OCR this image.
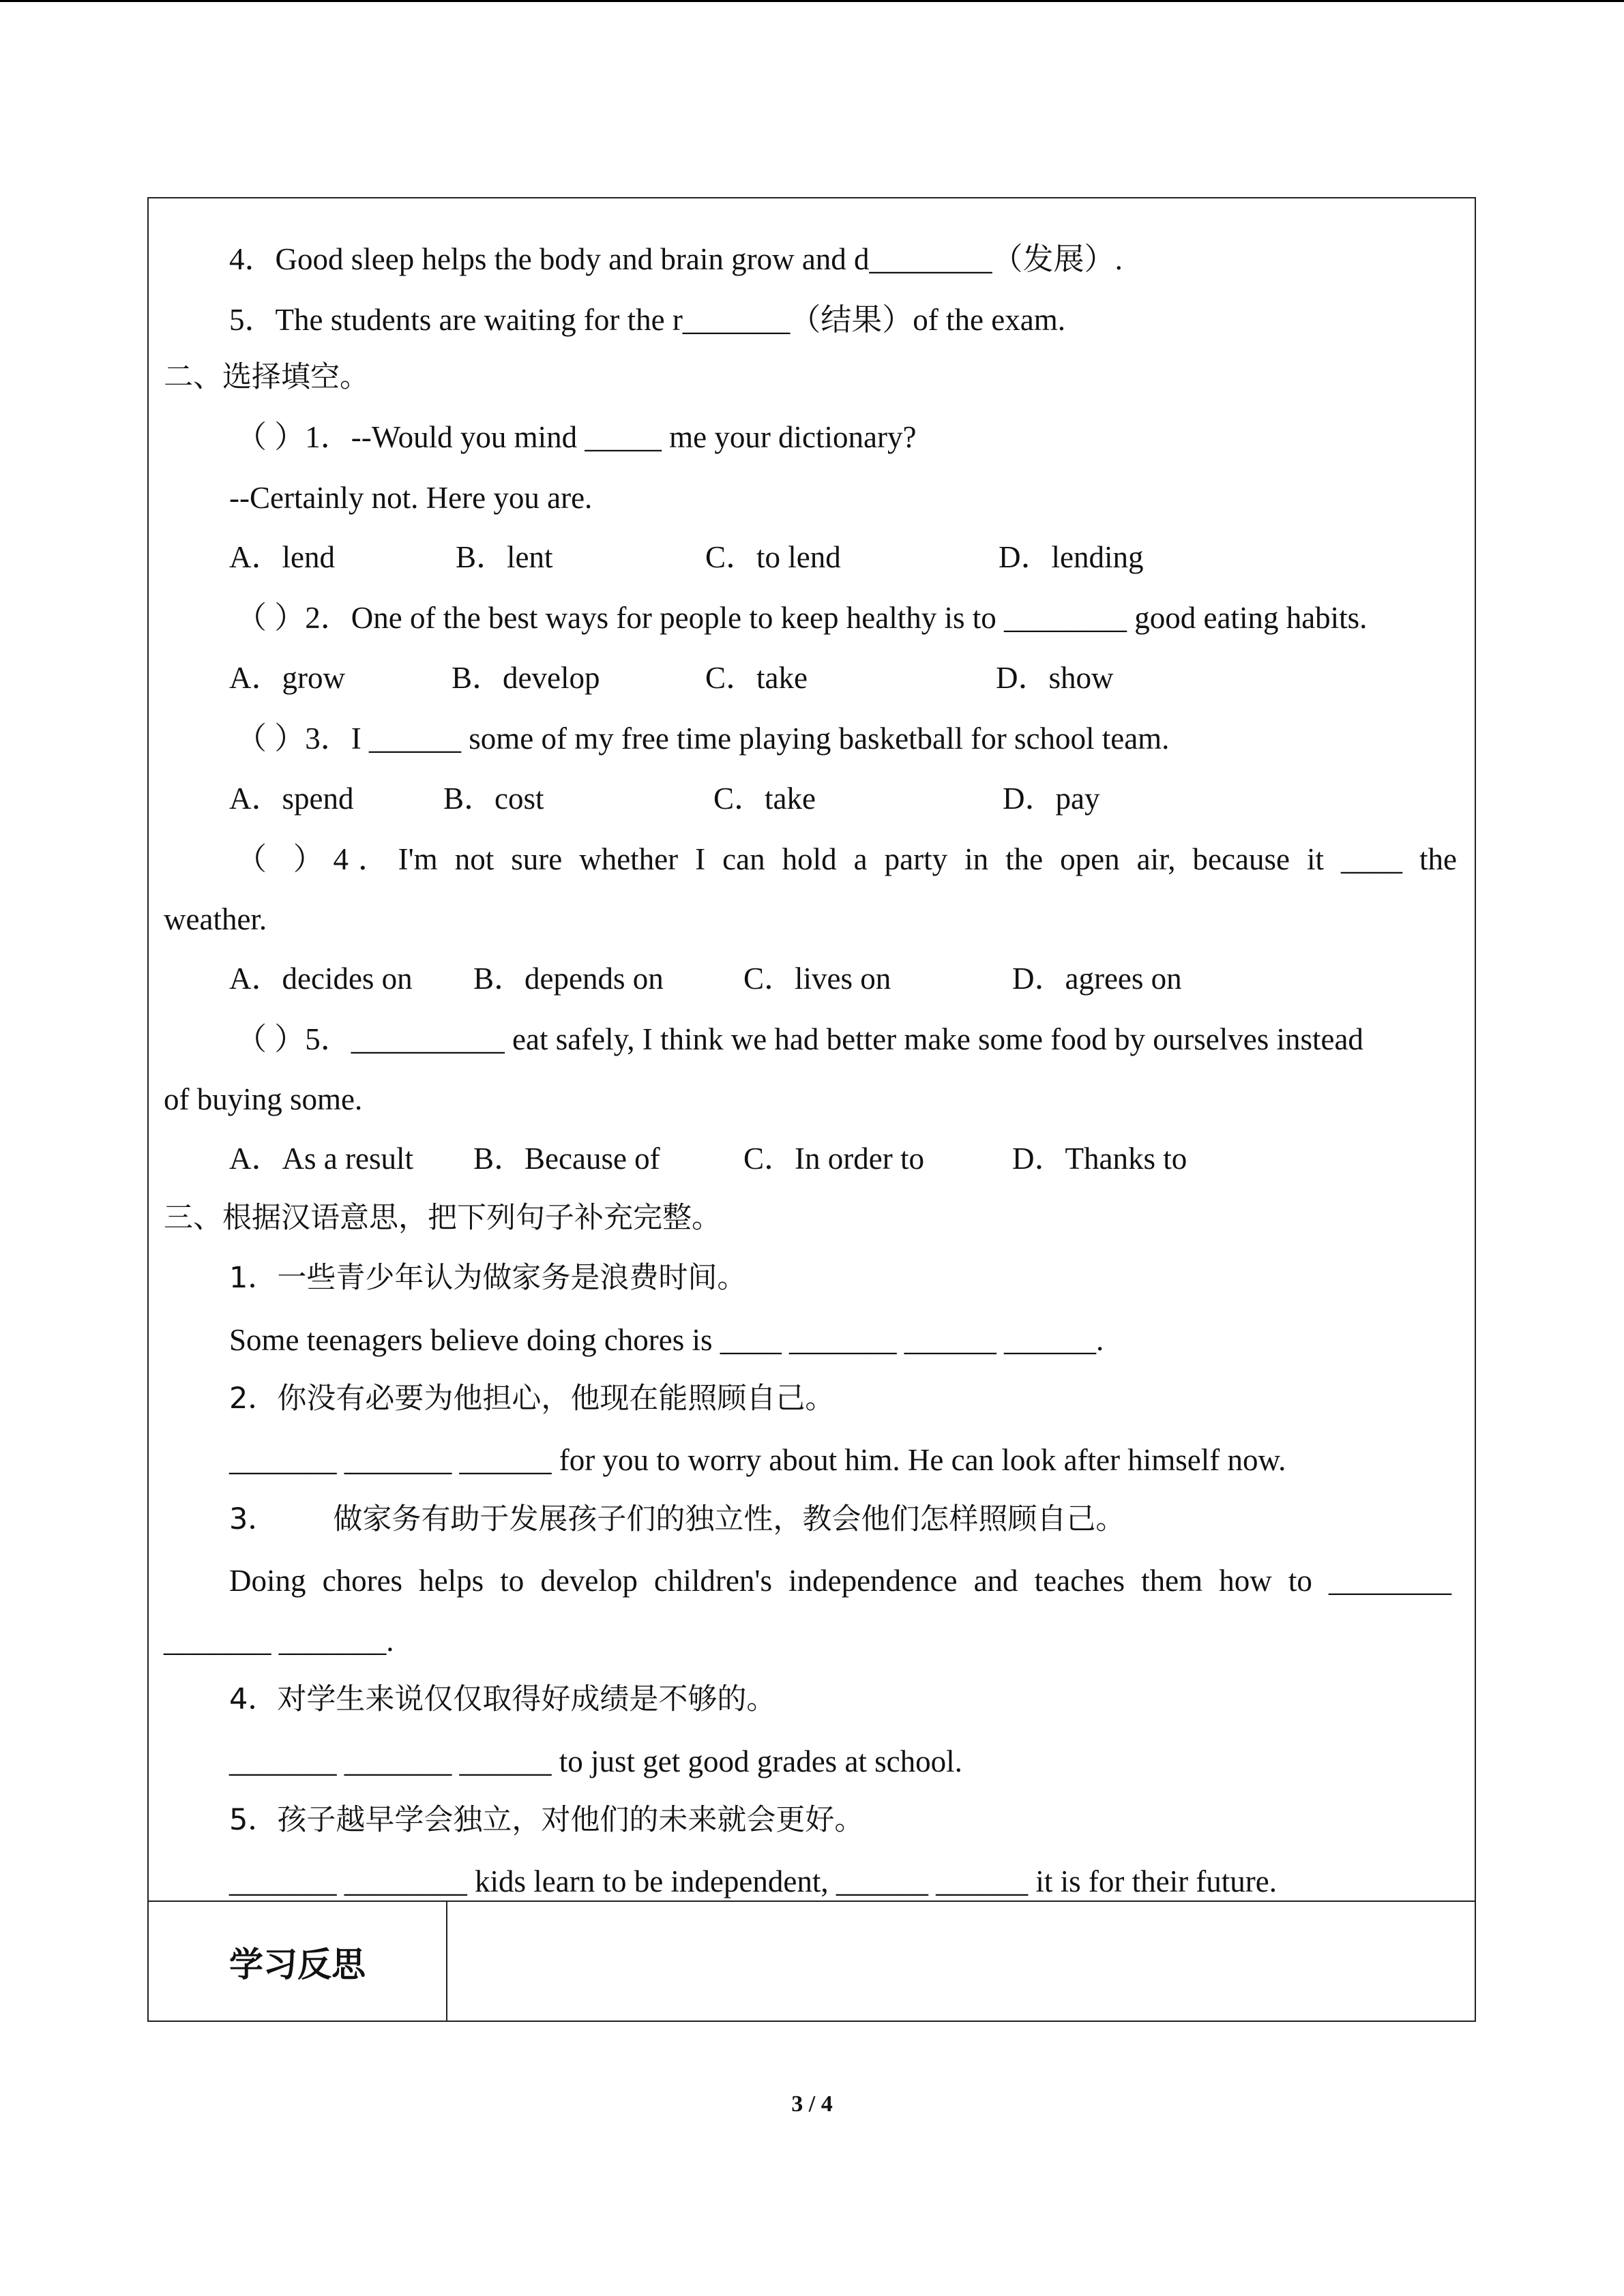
4．Good sleep helps the body and brain grow and d________（发展）.
5．The students are waiting for the r_______（结果）of the exam.
二、选择填空。
（ ）1．--Would you mind _____ me your dictionary?
--Certainly not. Here you are.
A．lend	B．lent	C．to lend	D．lending
（ ）2．One of the best ways for people to keep healthy is to ________ good eating habits.
A．grow	B．develop	C．take	D．show
（ ）3．I ______ some of my free time playing basketball for school team.
A．spend	B．cost	C．take	D．pay
（ ）4．I'm not sure whether I can hold a party in the open air, because it ____ the
weather.
A．decides on B．depends on	C．lives on	D．agrees on
（ ）5．__________ eat safely, I think we had better make some food by ourselves instead
of buying some.
A．As a result B．Because of	C．In order to	D．Thanks to
三、根据汉语意思，把下列句子补充完整。
1．一些青少年认为做家务是浪费时间。
Some teenagers believe doing chores is ____ _______ ______ ______.
2．你没有必要为他担心，他现在能照顾自己。
_______ _______ ______ for you to worry about him. He can look after himself now.
3．      做家务有助于发展孩子们的独立性，教会他们怎样照顾自己。
Doing chores helps to develop children's independence and teaches them how to ________
_______ _______.
4．对学生来说仅仅取得好成绩是不够的。
_______ _______ ______ to just get good grades at school.
5．孩子越早学会独立，对他们的未来就会更好。
_______ ________ kids learn to be independent, ______ ______ it is for their future.
学习反思
3 / 4
